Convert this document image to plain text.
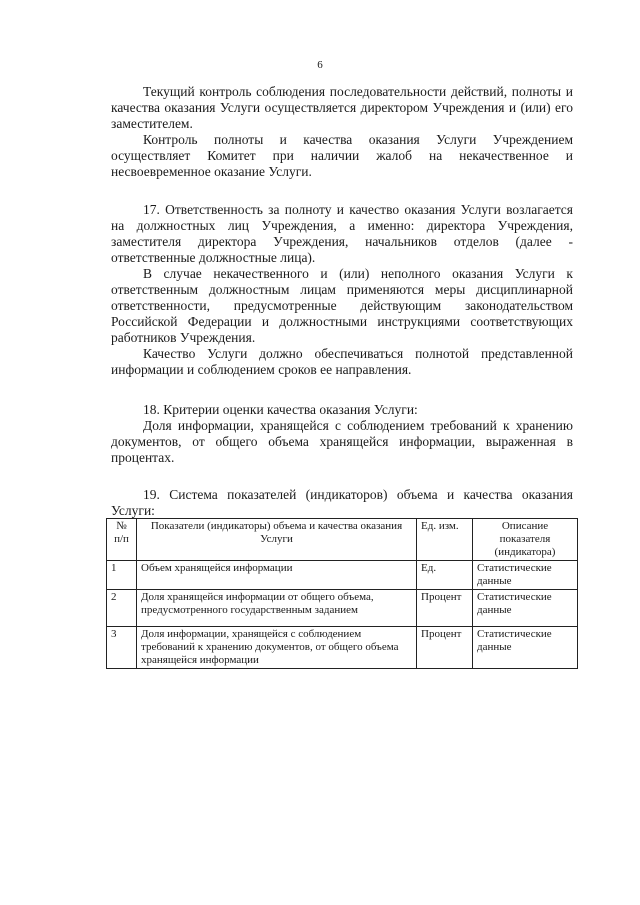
6

Текущий контроль соблюдения последовательности действий, полноты и качества оказания Услуги осуществляется директором Учреждения и (или) его заместителем.

Контроль полноты и качества оказания Услуги Учреждением осуществляет Комитет при наличии жалоб на некачественное и несвоевременное оказание Услуги.

17. Ответственность за полноту и качество оказания Услуги возлагается на должностных лиц Учреждения, а именно: директора Учреждения, заместителя директора Учреждения, начальников отделов (далее - ответственные должностные лица).

В случае некачественного и (или) неполного оказания Услуги к ответственным должностным лицам применяются меры дисциплинарной ответственности, предусмотренные действующим законодательством Российской Федерации и должностными инструкциями соответствующих работников Учреждения.

Качество Услуги должно обеспечиваться полнотой представленной информации и соблюдением сроков ее направления.

18. Критерии оценки качества оказания Услуги:

Доля информации, хранящейся с соблюдением требований к хранению документов, от общего объема хранящейся информации, выраженная в процентах.

19. Система показателей (индикаторов) объема и качества оказания Услуги:

№ п/п	Показатели (индикаторы) объема и качества оказания Услуги	Ед. изм.	Описание показателя (индикатора)
1	Объем хранящейся информации	Ед.	Статистические данные
2	Доля хранящейся информации от общего объема, предусмотренного государственным заданием	Процент	Статистические данные
3	Доля информации, хранящейся с соблюдением требований к хранению документов, от общего объема хранящейся информации	Процент	Статистические данные
